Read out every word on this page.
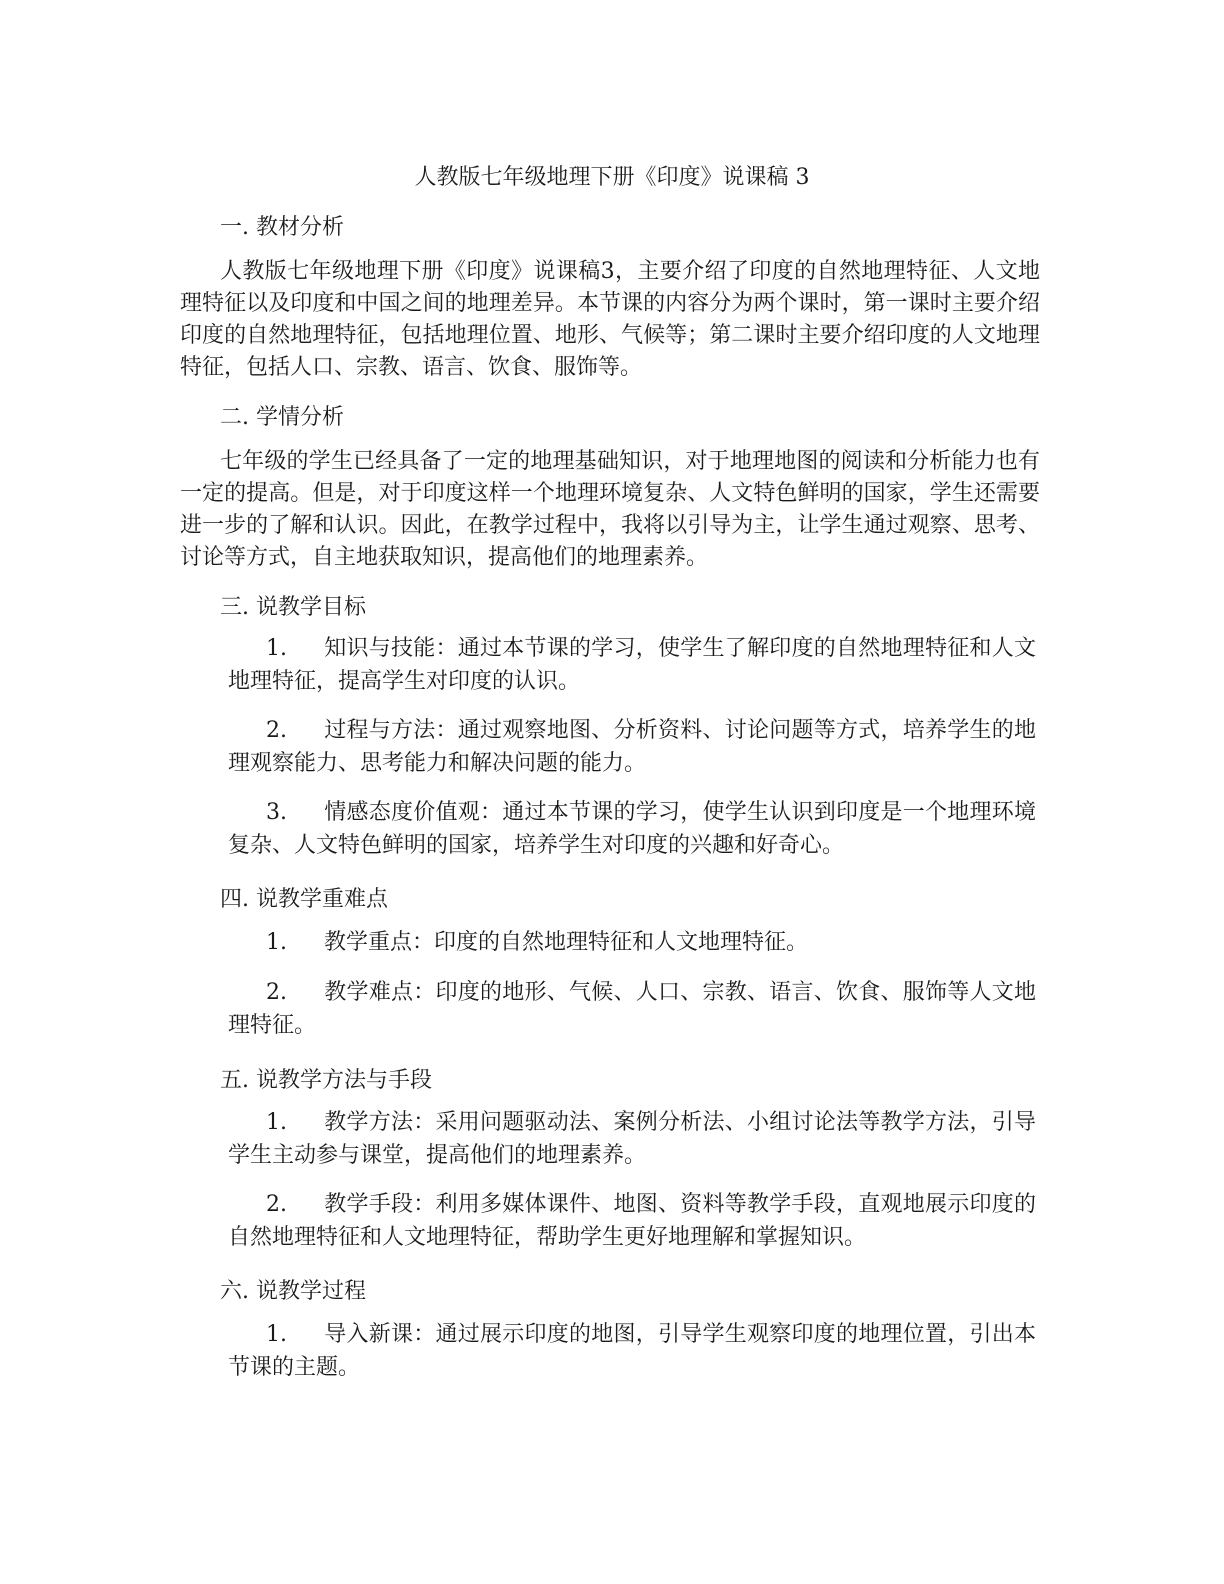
人教版七年级地理下册《印度》说课稿 3
一. 教材分析
人教版七年级地理下册《印度》说课稿3，主要介绍了印度的自然地理特征、人文地理特征以及印度和中国之间的地理差异。本节课的内容分为两个课时，第一课时主要介绍印度的自然地理特征，包括地理位置、地形、气候等；第二课时主要介绍印度的人文地理特征，包括人口、宗教、语言、饮食、服饰等。
二. 学情分析
七年级的学生已经具备了一定的地理基础知识，对于地理地图的阅读和分析能力也有一定的提高。但是，对于印度这样一个地理环境复杂、人文特色鲜明的国家，学生还需要进一步的了解和认识。因此，在教学过程中，我将以引导为主，让学生通过观察、思考、讨论等方式，自主地获取知识，提高他们的地理素养。
三. 说教学目标
1. 知识与技能：通过本节课的学习，使学生了解印度的自然地理特征和人文地理特征，提高学生对印度的认识。
2. 过程与方法：通过观察地图、分析资料、讨论问题等方式，培养学生的地理观察能力、思考能力和解决问题的能力。
3. 情感态度价值观：通过本节课的学习，使学生认识到印度是一个地理环境复杂、人文特色鲜明的国家，培养学生对印度的兴趣和好奇心。
四. 说教学重难点
1. 教学重点：印度的自然地理特征和人文地理特征。
2. 教学难点：印度的地形、气候、人口、宗教、语言、饮食、服饰等人文地理特征。
五. 说教学方法与手段
1. 教学方法：采用问题驱动法、案例分析法、小组讨论法等教学方法，引导学生主动参与课堂，提高他们的地理素养。
2. 教学手段：利用多媒体课件、地图、资料等教学手段，直观地展示印度的自然地理特征和人文地理特征，帮助学生更好地理解和掌握知识。
六. 说教学过程
1. 导入新课：通过展示印度的地图，引导学生观察印度的地理位置，引出本节课的主题。
